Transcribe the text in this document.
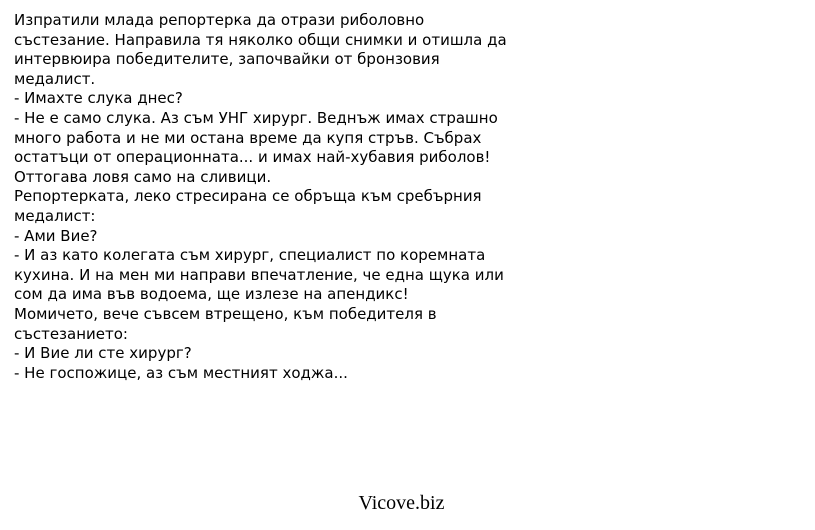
Изпратили млада репортерка да отрази риболовно
състезание. Направила тя няколко общи снимки и отишла да
интервюира победителите, започвайки от бронзовия
медалист.
- Имахте слука днес?
- Не е само слука. Аз съм УНГ хирург. Веднъж имах страшно
много работа и не ми остана време да купя стръв. Събрах
остатъци от операционната... и имах най-хубавия риболов!
Оттогава ловя само на сливици.
Репортерката, леко стресирана се обръща към сребърния
медалист:
- Ами Вие?
- И аз като колегата съм хирург, специалист по коремната
кухина. И на мен ми направи впечатление, че една щука или
сом да има във водоема, ще излезе на апендикс!
Момичето, вече съвсем втрещено, към победителя в
състезанието:
- И Вие ли сте хирург?
- Не госпожице, аз съм местният ходжа...
Vicove.biz
